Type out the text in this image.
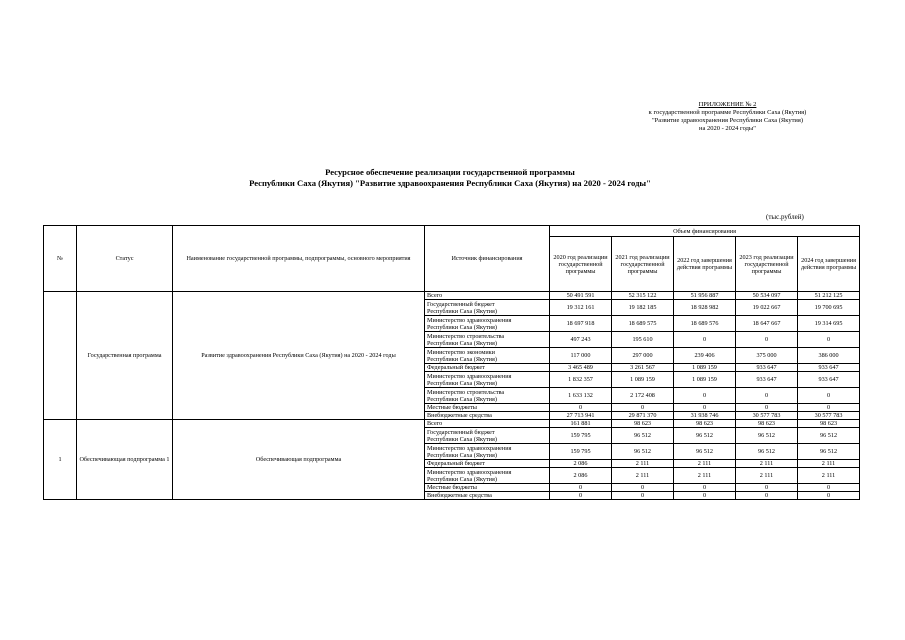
ПРИЛОЖЕНИЕ № 2
к государственной программе Республики Саха (Якутия)
"Развитие здравоохранения Республики Саха (Якутия)
на 2020 - 2024 годы"
Ресурсное обеспечение реализации государственной программы
Республики Саха (Якутия) "Развитие здравоохранения Республики Саха (Якутия) на 2020 - 2024 годы"
(тыс.рублей)
№	Статус	Наименование государственной программы, подпрограммы, основного мероприятия	Источник финансирования	Объем финансирования				
				2020 год реализации государственной программы	2021 год реализации государственной программы	2022 год завершения действия программы	2023 год реализации государственной программы	2024 год завершения действия программы
	Государственная программа	Развитие здравоохранения Республики Саха (Якутия) на 2020 - 2024 годы	Всего	50 491 591	52 315 122	51 956 887	50 534 097	51 212 125
			Государственный бюджет
Республики Саха (Якутия)	19 312 161	19 182 185	18 928 982	19 022 667	19 700 695
			Министерство здравоохранения
Республики Саха (Якутия)	18 697 918	18 689 575	18 689 576	18 647 667	19 314 695
			Министерство строительства
Республики Саха (Якутия)	497 243	195 610	0	0	0
			Министерство экономики
Республики Саха (Якутия)	117 000	297 000	239 406	375 000	386 000
			Федеральный бюджет	3 465 489	3 261 567	1 089 159	933 647	933 647
			Министерство здравоохранения
Республики Саха (Якутия)	1 832 357	1 089 159	1 089 159	933 647	933 647
			Министерство строительства
Республики Саха (Якутия)	1 633 132	2 172 408	0	0	0
			Местные бюджеты	0	0	0	0	0
			Внебюджетные средства	27 713 941	29 871 370	31 938 746	30 577 783	30 577 783
1	Обеспечивающая подпрограмма 1	Обеспечивающая подпрограмма	Всего	161 881	98 623	98 623	98 623	98 623
			Государственный бюджет
Республики Саха (Якутия)	159 795	96 512	96 512	96 512	96 512
			Министерство здравоохранения
Республики Саха (Якутия)	159 795	96 512	96 512	96 512	96 512
			Федеральный бюджет	2 086	2 111	2 111	2 111	2 111
			Министерство здравоохранения
Республики Саха (Якутия)	2 086	2 111	2 111	2 111	2 111
			Местные бюджеты	0	0	0	0	0
			Внебюджетные средства	0	0	0	0	0
